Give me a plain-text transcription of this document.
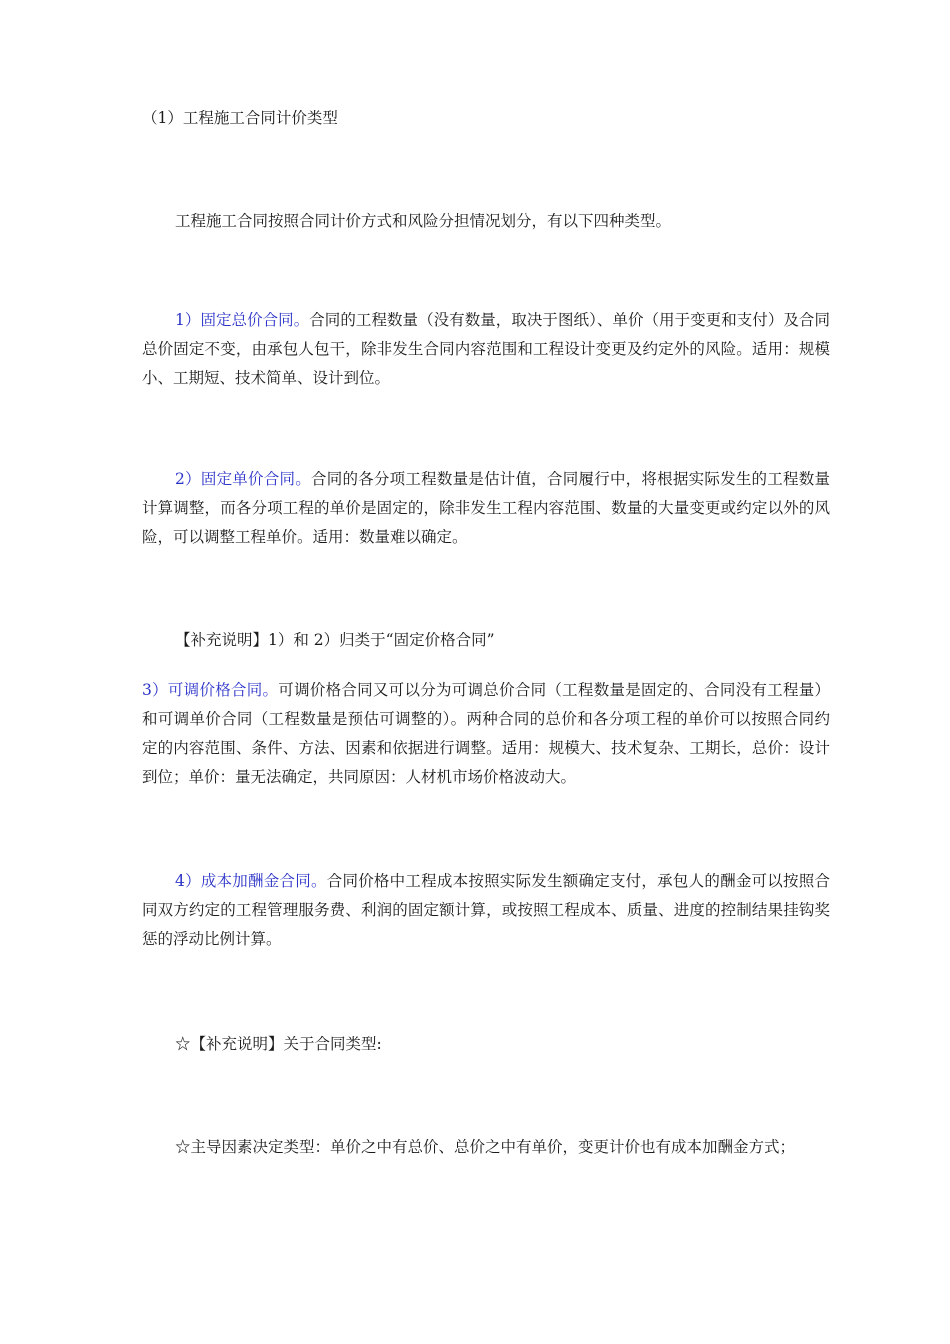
（1）工程施工合同计价类型

工程施工合同按照合同计价方式和风险分担情况划分，有以下四种类型。

1）固定总价合同。合同的工程数量（没有数量，取决于图纸）、单价（用于变更和支付）及合同总价固定不变，由承包人包干，除非发生合同内容范围和工程设计变更及约定外的风险。适用：规模小、工期短、技术简单、设计到位。

2）固定单价合同。合同的各分项工程数量是估计值，合同履行中，将根据实际发生的工程数量计算调整，而各分项工程的单价是固定的，除非发生工程内容范围、数量的大量变更或约定以外的风险，可以调整工程单价。适用：数量难以确定。

【补充说明】1）和 2）归类于“固定价格合同”

3）可调价格合同。可调价格合同又可以分为可调总价合同（工程数量是固定的、合同没有工程量）和可调单价合同（工程数量是预估可调整的）。两种合同的总价和各分项工程的单价可以按照合同约定的内容范围、条件、方法、因素和依据进行调整。适用：规模大、技术复杂、工期长，总价：设计到位；单价：量无法确定，共同原因：人材机市场价格波动大。

4）成本加酬金合同。合同价格中工程成本按照实际发生额确定支付，承包人的酬金可以按照合同双方约定的工程管理服务费、利润的固定额计算，或按照工程成本、质量、进度的控制结果挂钩奖惩的浮动比例计算。

☆【补充说明】关于合同类型:

☆主导因素决定类型：单价之中有总价、总价之中有单价，变更计价也有成本加酬金方式；
